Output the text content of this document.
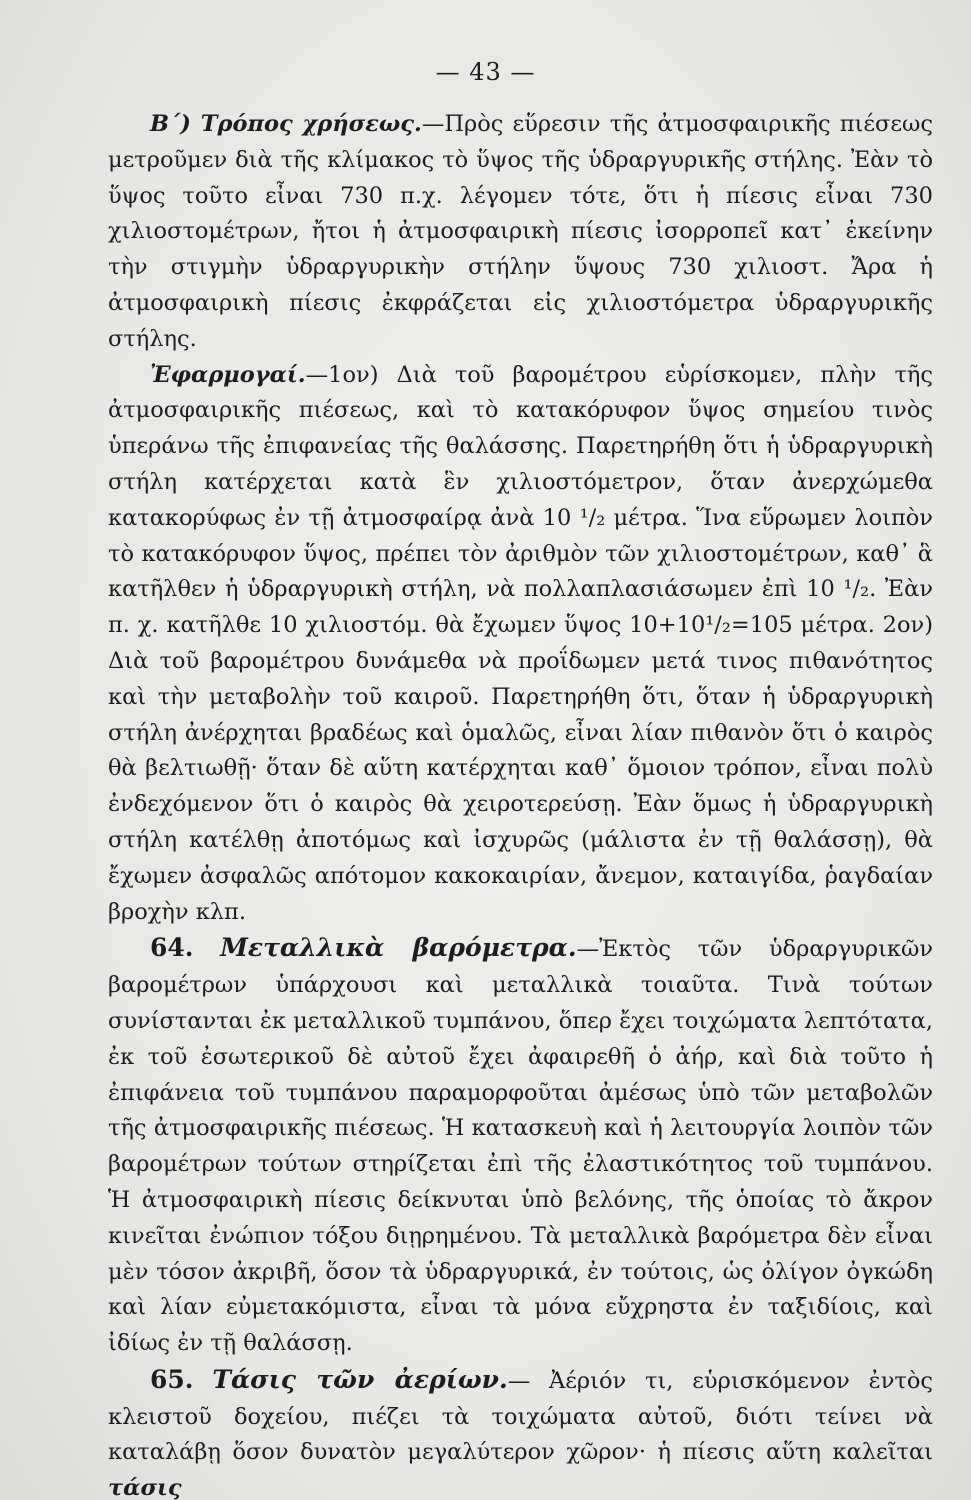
— 43 —

Β΄) Τρόπος χρήσεως.—Πρὸς εὕρεσιν τῆς ἀτμοσφαιρικῆς πιέσεως μετροῦμεν διὰ τῆς κλίμακος τὸ ὕψος τῆς ὑδραργυρικῆς στήλης. Ἐὰν τὸ ὕψος τοῦτο εἶναι 730 π.χ. λέγομεν τότε, ὅτι ἡ πίεσις εἶναι 730 χιλιοστομέτρων, ἤτοι ἡ ἀτμοσφαιρικὴ πίεσις ἰσορροπεῖ κατ᾽ ἐκείνην τὴν στιγμὴν ὑδραργυρικὴν στήλην ὕψους 730 χιλιοστ. Ἄρα ἡ ἀτμοσφαιρικὴ πίεσις ἐκφράζεται εἰς χιλιοστόμετρα ὑδραργυρικῆς στήλης.

Ἐφαρμογαί.—1ον) Διὰ τοῦ βαρομέτρου εὑρίσκομεν, πλὴν τῆς ἀτμοσφαιρικῆς πιέσεως, καὶ τὸ κατακόρυφον ὕψος σημείου τινὸς ὑπεράνω τῆς ἐπιφανείας τῆς θαλάσσης. Παρετηρήθη ὅτι ἡ ὑδραργυρικὴ στήλη κατέρχεται κατὰ ἓν χιλιοστόμετρον, ὅταν ἀνερχώμεθα κατακορύφως ἐν τῇ ἀτμοσφαίρᾳ ἀνὰ 10 ¹/₂ μέτρα. Ἵνα εὕρωμεν λοιπὸν τὸ κατακόρυφον ὕψος, πρέπει τὸν ἀριθμὸν τῶν χιλιοστομέτρων, καθ᾽ ἃ κατῆλθεν ἡ ὑδραργυρικὴ στήλη, νὰ πολλαπλασιάσωμεν ἐπὶ 10 ¹/₂. Ἐὰν π. χ. κατῆλθε 10 χιλιοστόμ. θὰ ἔχωμεν ὕψος 10+10¹/₂=105 μέτρα. 2ον) Διὰ τοῦ βαρομέτρου δυνάμεθα νὰ προΐδωμεν μετά τινος πιθανότητος καὶ τὴν μεταβολὴν τοῦ καιροῦ. Παρετηρήθη ὅτι, ὅταν ἡ ὑδραργυρικὴ στήλη ἀνέρχηται βραδέως καὶ ὁμαλῶς, εἶναι λίαν πιθανὸν ὅτι ὁ καιρὸς θὰ βελτιωθῇ· ὅταν δὲ αὕτη κατέρχηται καθ᾽ ὅμοιον τρόπον, εἶναι πολὺ ἐνδεχόμενον ὅτι ὁ καιρὸς θὰ χειροτερεύσῃ. Ἐὰν ὅμως ἡ ὑδραργυρικὴ στήλη κατέλθῃ ἀποτόμως καὶ ἰσχυρῶς (μάλιστα ἐν τῇ θαλάσσῃ), θὰ ἔχωμεν ἀσφαλῶς απότομον κακοκαιρίαν, ἄνεμον, καταιγίδα, ῥαγδαίαν βροχὴν κλπ.

64. Μεταλλικὰ βαρόμετρα.—Ἐκτὸς τῶν ὑδραργυρικῶν βαρομέτρων ὑπάρχουσι καὶ μεταλλικὰ τοιαῦτα. Τινὰ τούτων συνίστανται ἐκ μεταλλικοῦ τυμπάνου, ὅπερ ἔχει τοιχώματα λεπτότατα, ἐκ τοῦ ἐσωτερικοῦ δὲ αὐτοῦ ἔχει ἀφαιρεθῆ ὁ ἀήρ, καὶ διὰ τοῦτο ἡ ἐπιφάνεια τοῦ τυμπάνου παραμορφοῦται ἀμέσως ὑπὸ τῶν μεταβολῶν τῆς ἀτμοσφαιρικῆς πιέσεως. Ἡ κατασκευὴ καὶ ἡ λειτουργία λοιπὸν τῶν βαρομέτρων τούτων στηρίζεται ἐπὶ τῆς ἐλαστικότητος τοῦ τυμπάνου. Ἡ ἀτμοσφαιρικὴ πίεσις δείκνυται ὑπὸ βελόνης, τῆς ὁποίας τὸ ἄκρον κινεῖται ἐνώπιον τόξου διῃρημένου. Τὰ μεταλλικὰ βαρόμετρα δὲν εἶναι μὲν τόσον ἀκριβῆ, ὅσον τὰ ὑδραργυρικά, ἐν τούτοις, ὡς ὀλίγον ὀγκώδη καὶ λίαν εὐμετακόμιστα, εἶναι τὰ μόνα εὔχρηστα ἐν ταξιδίοις, καὶ ἰδίως ἐν τῇ θαλάσσῃ.

65. Τάσις τῶν ἀερίων.— Ἀέριόν τι, εὑρισκόμενον ἐντὸς κλειστοῦ δοχείου, πιέζει τὰ τοιχώματα αὐτοῦ, διότι τείνει νὰ καταλάβῃ ὅσον δυνατὸν μεγαλύτερον χῶρον· ἡ πίεσις αὕτη καλεῖται τάσις
